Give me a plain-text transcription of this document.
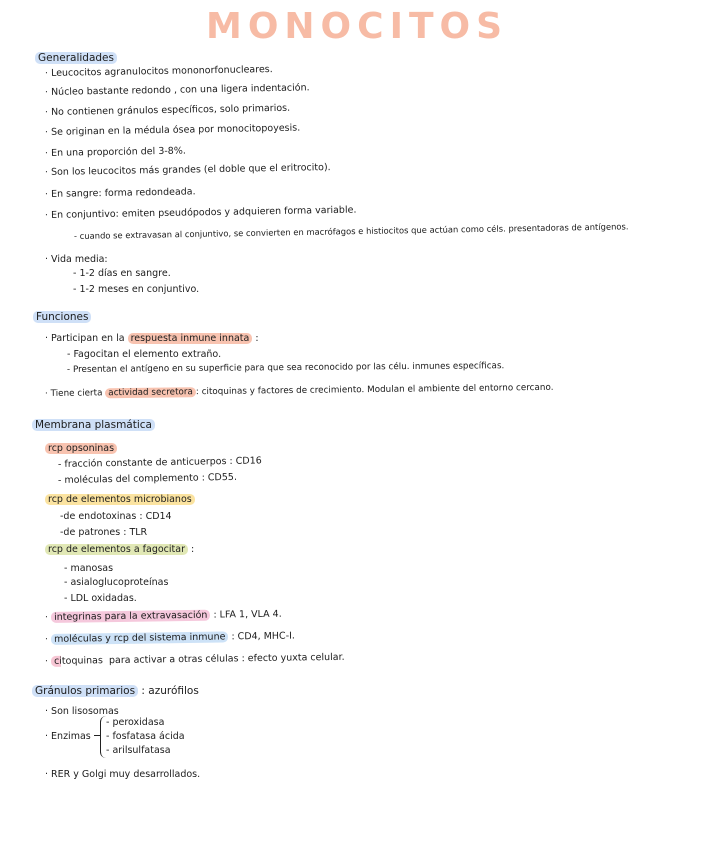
MONOCITOS
Generalidades
· Leucocitos agranulocitos mononorfonucleares.
· Núcleo bastante redondo , con una ligera indentación.
· No contienen gránulos específicos, solo primarios.
· Se originan en la médula ósea por monocitopoyesis.
· En una proporción del 3-8%.
· Son los leucocitos más grandes (el doble que el eritrocito).
· En sangre: forma redondeada.
· En conjuntivo: emiten pseudópodos y adquieren forma variable.
- cuando se extravasan al conjuntivo, se convierten en macrófagos e histiocitos que actúan como céls. presentadoras de antígenos.
· Vida media:
- 1-2 días en sangre.
- 1-2 meses en conjuntivo.
Funciones
· Participan en la respuesta inmune innata :
- Fagocitan el elemento extraño.
- Presentan el antígeno en su superficie para que sea reconocido por las célu. inmunes específicas.
· Tiene cierta actividad secretora : citoquinas y factores de crecimiento. Modulan el ambiente del entorno cercano.
Membrana plasmática
rcp opsoninas
- fracción constante de anticuerpos : CD16
- moléculas del complemento : CD55.
rcp de elementos microbianos
-de endotoxinas : CD14
-de patrones : TLR
rcp de elementos a fagocitar :
- manosas
- asialoglucoproteínas
- LDL oxidadas.
· integrinas para la extravasación : LFA 1, VLA 4.
· moléculas y rcp del sistema inmune : CD4, MHC-I.
· citoquinas para activar a otras células : efecto yuxta celular.
Gránulos primarios : azurófilos
· Son lisosomas
· Enzimas
- peroxidasa
- fosfatasa ácida
- arilsulfatasa
· RER y Golgi muy desarrollados.
